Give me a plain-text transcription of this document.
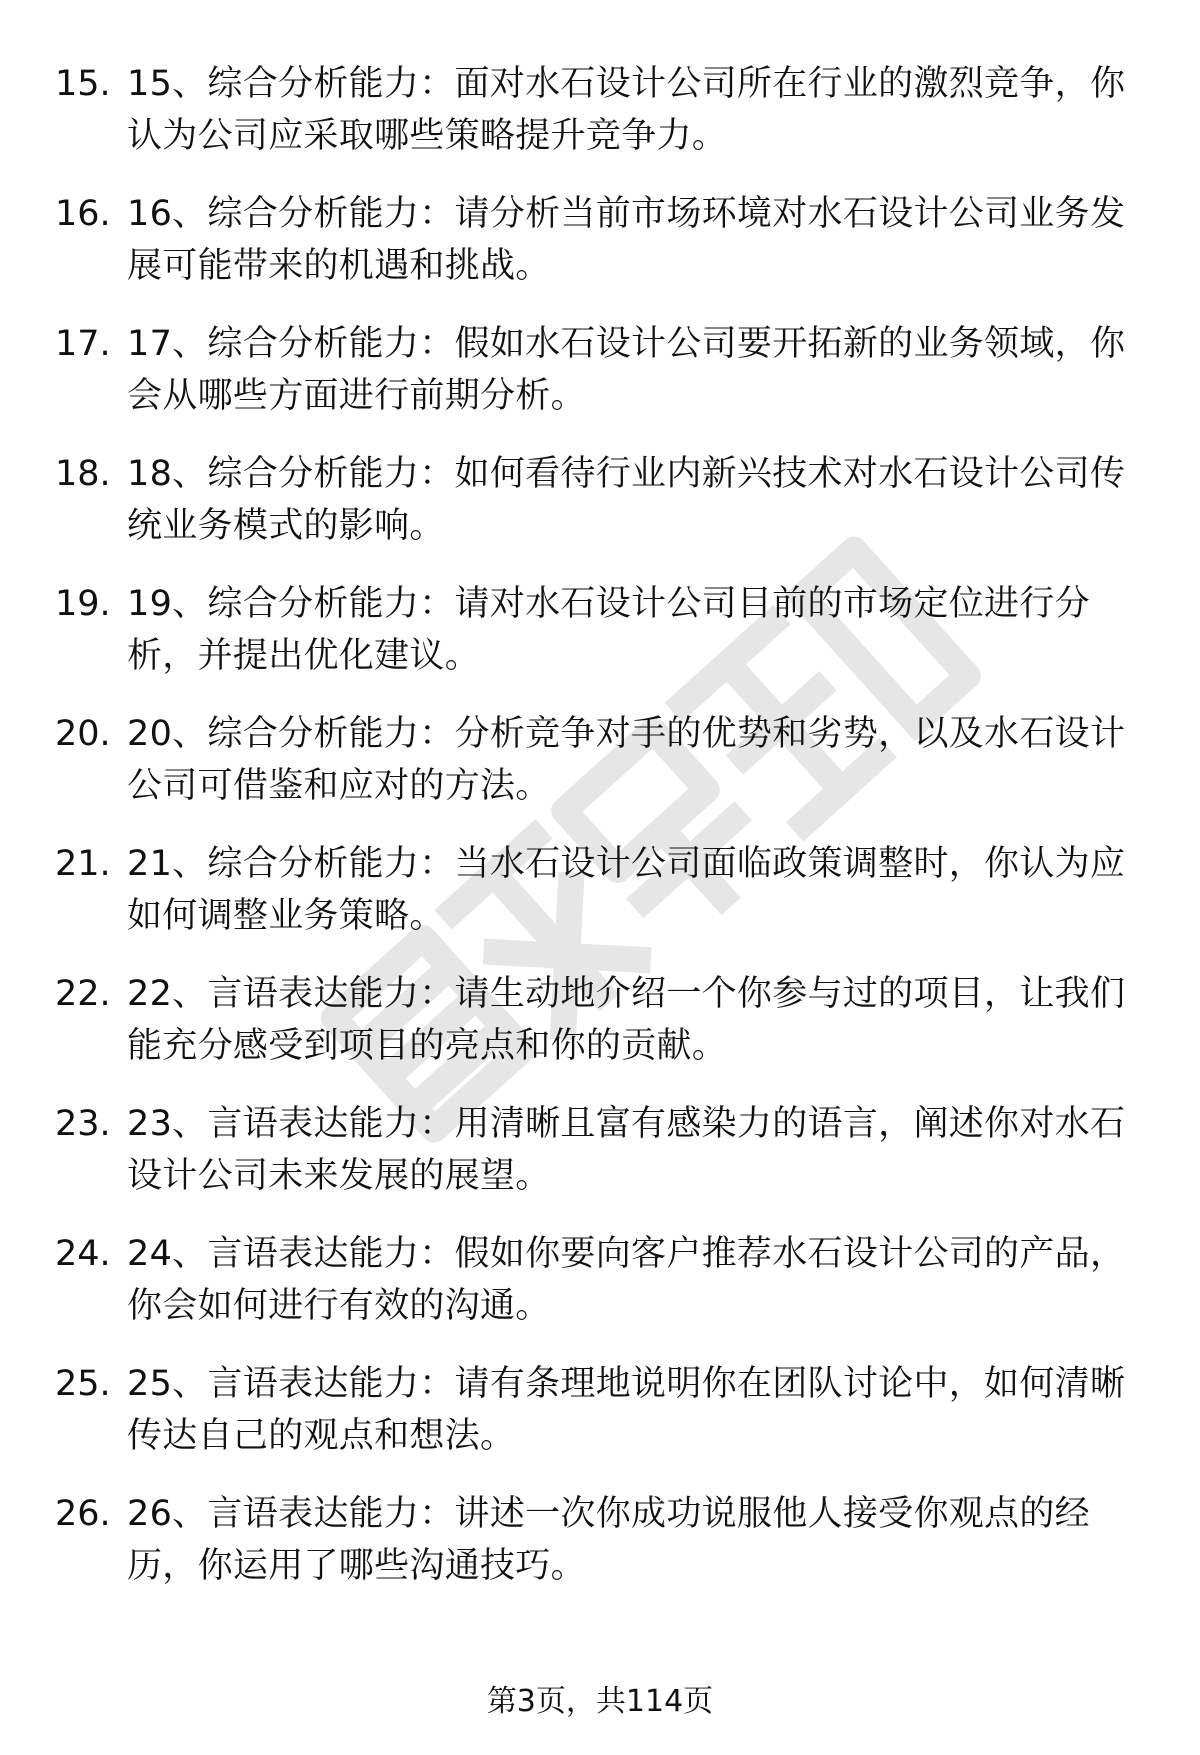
15. 15、综合分析能力：面对水石设计公司所在行业的激烈竞争，你认为公司应采取哪些策略提升竞争力。
16. 16、综合分析能力：请分析当前市场环境对水石设计公司业务发展可能带来的机遇和挑战。
17. 17、综合分析能力：假如水石设计公司要开拓新的业务领域，你会从哪些方面进行前期分析。
18. 18、综合分析能力：如何看待行业内新兴技术对水石设计公司传统业务模式的影响。
19. 19、综合分析能力：请对水石设计公司目前的市场定位进行分析，并提出优化建议。
20. 20、综合分析能力：分析竞争对手的优势和劣势，以及水石设计公司可借鉴和应对的方法。
21. 21、综合分析能力：当水石设计公司面临政策调整时，你认为应如何调整业务策略。
22. 22、言语表达能力：请生动地介绍一个你参与过的项目，让我们能充分感受到项目的亮点和你的贡献。
23. 23、言语表达能力：用清晰且富有感染力的语言，阐述你对水石设计公司未来发展的展望。
24. 24、言语表达能力：假如你要向客户推荐水石设计公司的产品，你会如何进行有效的沟通。
25. 25、言语表达能力：请有条理地说明你在团队讨论中，如何清晰传达自己的观点和想法。
26. 26、言语表达能力：讲述一次你成功说服他人接受你观点的经历，你运用了哪些沟通技巧。
第3页，共114页
